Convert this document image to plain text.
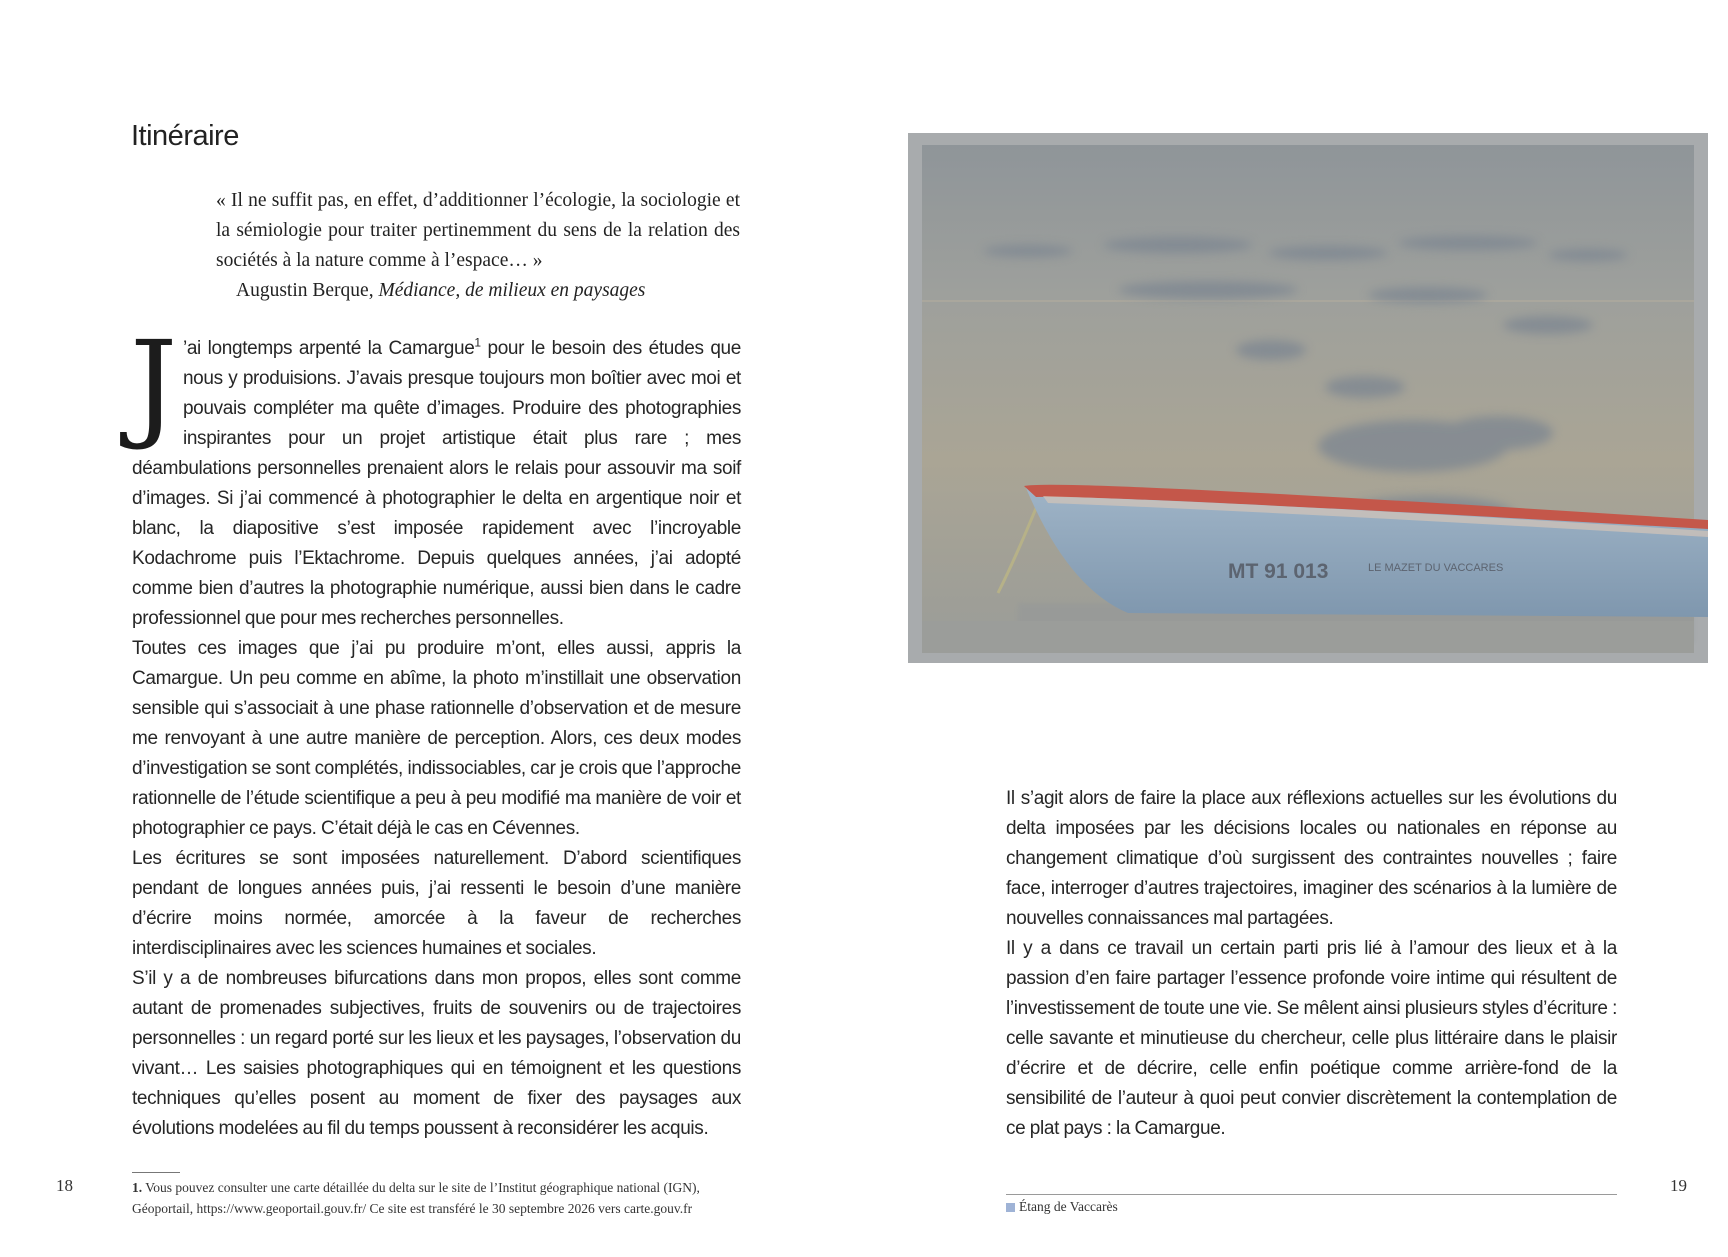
Itinéraire

« Il ne suffit pas, en effet, d’additionner l’écologie, la sociologie et la sémiologie pour traiter pertinemment du sens de la relation des sociétés à la nature comme à l’espace… »

Augustin Berque, Médiance, de milieux en paysages

J ’ai longtemps arpenté la Camargue$^1$ pour le besoin des études que nous y produisions. J’avais presque toujours mon boîtier avec moi et pouvais compléter ma quête d’images. Produire des photographies inspirantes pour un projet artistique était plus rare ; mes déambulations personnelles prenaient alors le relais pour assouvir ma soif d’images. Si j’ai commencé à photographier le delta en argentique noir et blanc, la diapositive s’est imposée rapidement avec l’incroyable Kodachrome puis l’Ektachrome. Depuis quelques années, j’ai adopté comme bien d’autres la photographie numérique, aussi bien dans le cadre professionnel que pour mes recherches personnelles.

Toutes ces images que j’ai pu produire m’ont, elles aussi, appris la Camargue. Un peu comme en abîme, la photo m’instillait une observation sensible qui s’associait à une phase rationnelle d’observation et de mesure me renvoyant à une autre manière de perception. Alors, ces deux modes d’investigation se sont complétés, indissociables, car je crois que l’approche rationnelle de l’étude scientifique a peu à peu modifié ma manière de voir et photographier ce pays. C’était déjà le cas en Cévennes.

Les écritures se sont imposées naturellement. D’abord scientifiques pendant de longues années puis, j’ai ressenti le besoin d’une manière d’écrire moins normée, amorcée à la faveur de recherches interdisciplinaires avec les sciences humaines et sociales.

S’il y a de nombreuses bifurcations dans mon propos, elles sont comme autant de promenades subjectives, fruits de souvenirs ou de trajectoires personnelles : un regard porté sur les lieux et les paysages, l’observation du vivant… Les saisies photographiques qui en témoignent et les questions techniques qu’elles posent au moment de fixer des paysages aux évolutions modelées au fil du temps poussent à reconsidérer les acquis.

18	1. Vous pouvez consulter une carte détaillée du delta sur le site de l’Institut géographique national (IGN),
Géoportail, https://www.geoportail.gouv.fr/ Ce site est transféré le 30 septembre 2026 vers carte.gouv.fr
MT 91 013	LE MAZET DU VACCARES

Il s’agit alors de faire la place aux réflexions actuelles sur les évolutions du delta imposées par les décisions locales ou nationales en réponse au changement climatique d’où surgissent des contraintes nouvelles ; faire face, interroger d’autres trajectoires, imaginer des scénarios à la lumière de nouvelles connaissances mal partagées.

Il y a dans ce travail un certain parti pris lié à l’amour des lieux et à la passion d’en faire partager l’essence profonde voire intime qui résultent de l’investissement de toute une vie. Se mêlent ainsi plusieurs styles d’écriture : celle savante et minutieuse du chercheur, celle plus littéraire dans le plaisir d’écrire et de décrire, celle enfin poétique comme arrière-fond de la sensibilité de l’auteur à quoi peut convier discrètement la contemplation de ce plat pays : la Camargue.

Étang de Vaccarès
19
